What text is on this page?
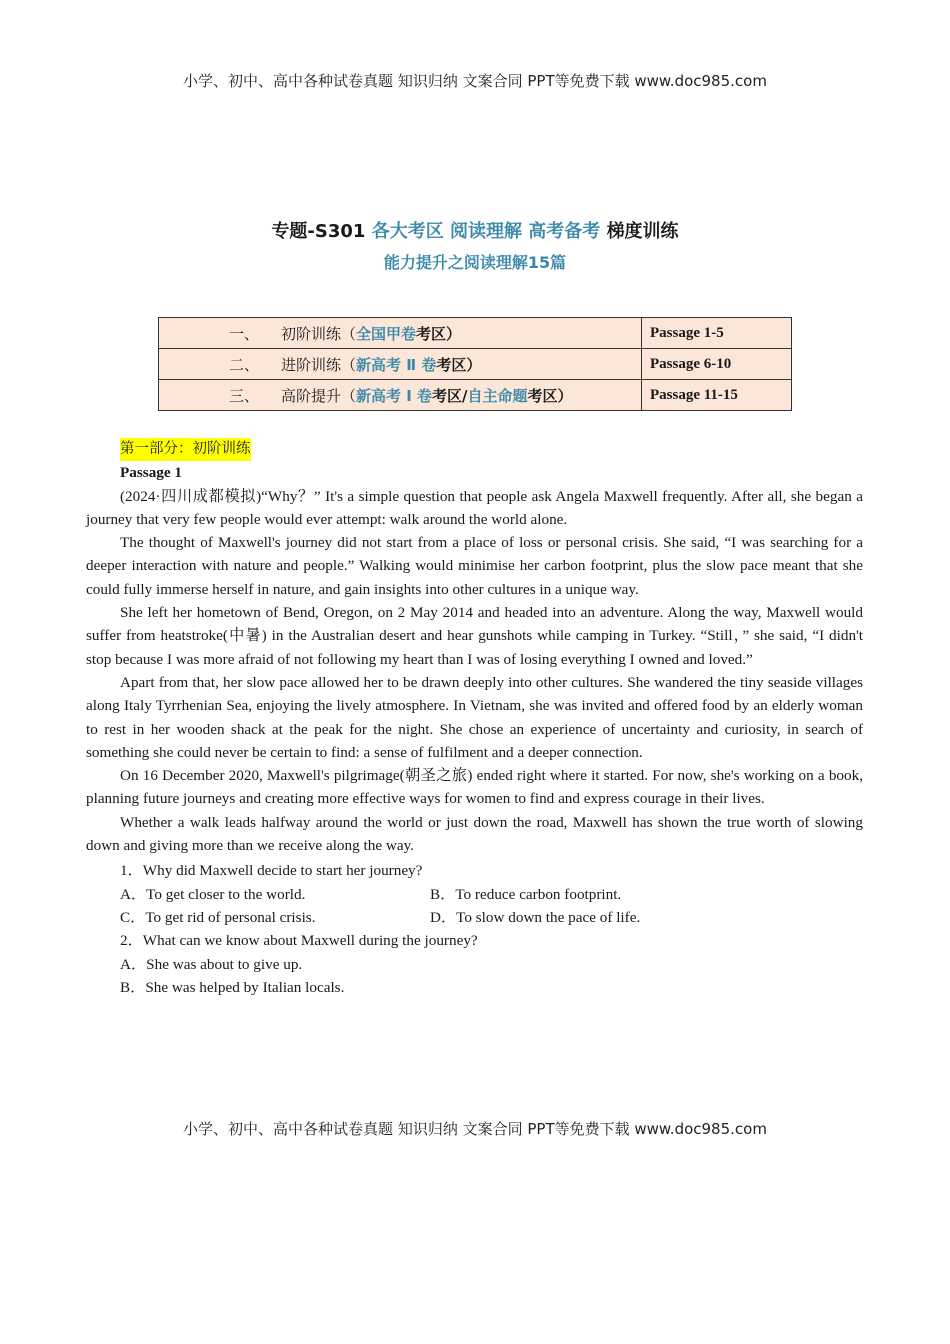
小学、初中、高中各种试卷真题 知识归纳 文案合同 PPT等免费下载 www.doc985.com
专题-S301 各大考区 阅读理解 高考备考 梯度训练
能力提升之阅读理解15篇
一、 初阶训练（全国甲卷考区）	Passage 1-5
二、 进阶训练（新高考 Ⅱ 卷考区）	Passage 6-10
三、 高阶提升（新高考 Ⅰ 卷考区/自主命题考区）	Passage 11-15
第一部分：初阶训练
Passage 1

(2024·四川成都模拟)“Why？” It's a simple question that people ask Angela Maxwell frequently. After all, she began a journey that very few people would ever attempt: walk around the world alone.

The thought of Maxwell's journey did not start from a place of loss or personal crisis. She said, “I was searching for a deeper interaction with nature and people.” Walking would minimise her carbon footprint, plus the slow pace meant that she could fully immerse herself in nature, and gain insights into other cultures in a unique way.

She left her hometown of Bend, Oregon, on 2 May 2014 and headed into an adventure. Along the way, Maxwell would suffer from heatstroke(中暑) in the Australian desert and hear gunshots while camping in Turkey. “Still，” she said, “I didn't stop because I was more afraid of not following my heart than I was of losing everything I owned and loved.”

Apart from that, her slow pace allowed her to be drawn deeply into other cultures. She wandered the tiny seaside villages along Italy Tyrrhenian Sea, enjoying the lively atmosphere. In Vietnam, she was invited and offered food by an elderly woman to rest in her wooden shack at the peak for the night. She chose an experience of uncertainty and curiosity, in search of something she could never be certain to find: a sense of fulfilment and a deeper connection.

On 16 December 2020, Maxwell's pilgrimage(朝圣之旅) ended right where it started. For now, she's working on a book, planning future journeys and creating more effective ways for women to find and express courage in their lives.

Whether a walk leads halfway around the world or just down the road, Maxwell has shown the true worth of slowing down and giving more than we receive along the way.

1．Why did Maxwell decide to start her journey?
A．To get closer to the world.	B．To reduce carbon footprint.
C．To get rid of personal crisis.	D．To slow down the pace of life.
2．What can we know about Maxwell during the journey?
A．She was about to give up.
B．She was helped by Italian locals.
小学、初中、高中各种试卷真题 知识归纳 文案合同 PPT等免费下载 www.doc985.com
